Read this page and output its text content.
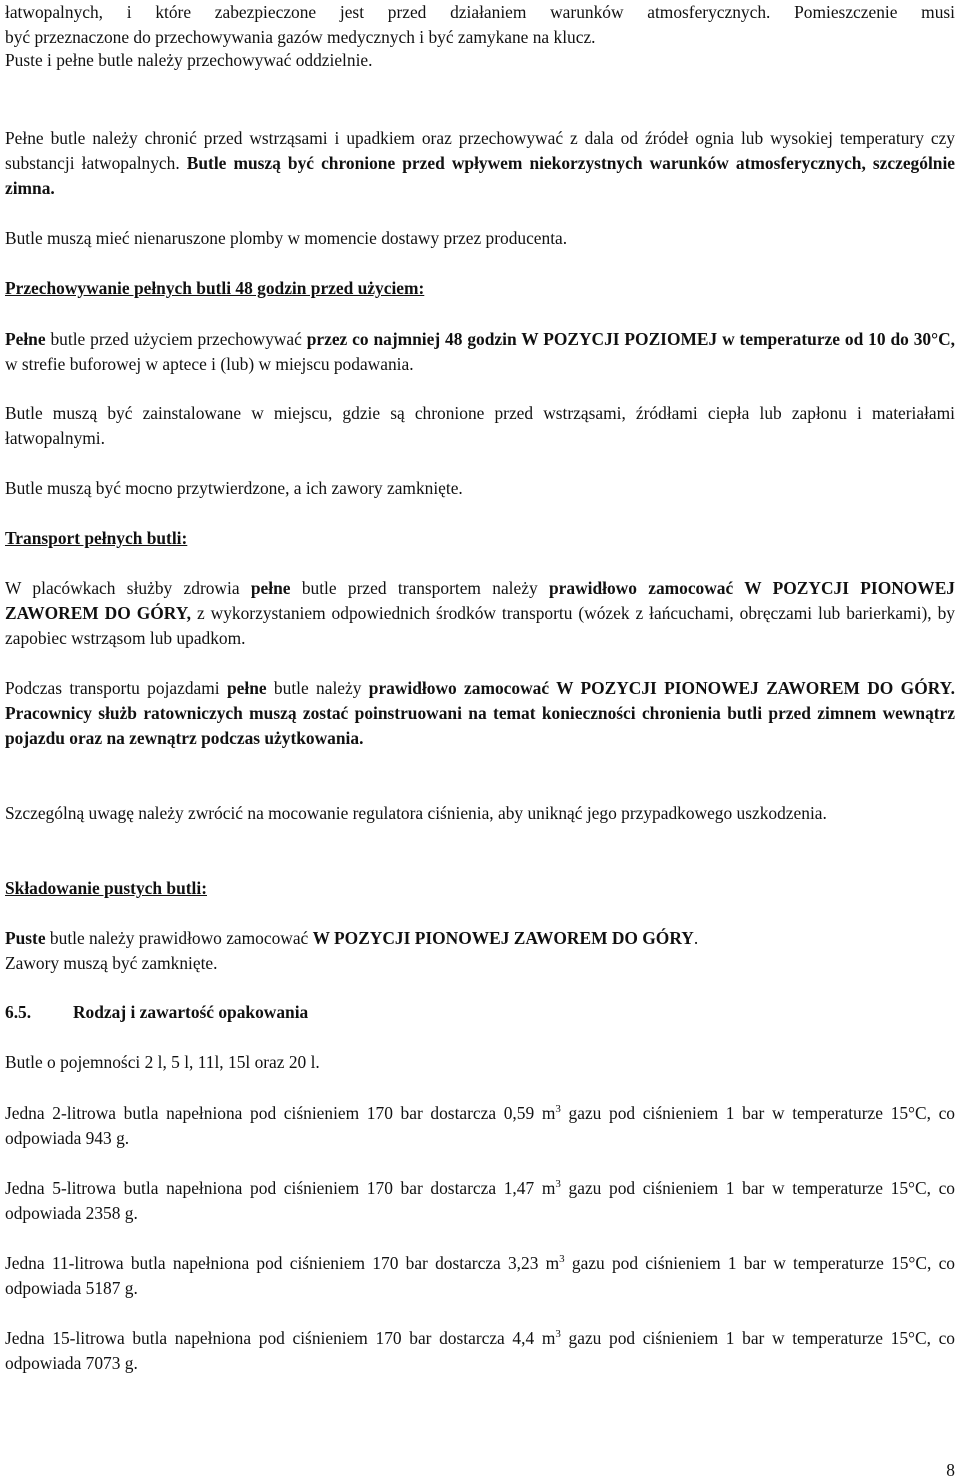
łatwopalnych, i które zabezpieczone jest przed działaniem warunków atmosferycznych. Pomieszczenie musi

być przeznaczone do przechowywania gazów medycznych i być zamykane na klucz.

Puste i pełne butle należy przechowywać oddzielnie.

Pełne butle należy chronić przed wstrząsami i upadkiem oraz przechowywać z dala od źródeł ognia lub wysokiej temperatury czy substancji łatwopalnych. Butle muszą być chronione przed wpływem niekorzystnych warunków atmosferycznych, szczególnie zimna.

Butle muszą mieć nienaruszone plomby w momencie dostawy przez producenta.

Przechowywanie pełnych butli 48 godzin przed użyciem:

Pełne butle przed użyciem przechowywać przez co najmniej 48 godzin W POZYCJI POZIOMEJ w temperaturze od 10 do 30°C, w strefie buforowej w aptece i (lub) w miejscu podawania.

Butle muszą być zainstalowane w miejscu, gdzie są chronione przed wstrząsami, źródłami ciepła lub zapłonu i materiałami łatwopalnymi.

Butle muszą być mocno przytwierdzone, a ich zawory zamknięte.

Transport pełnych butli:

W placówkach służby zdrowia pełne butle przed transportem należy prawidłowo zamocować W POZYCJI PIONOWEJ ZAWOREM DO GÓRY, z wykorzystaniem odpowiednich środków transportu (wózek z łańcuchami, obręczami lub barierkami), by zapobiec wstrząsom lub upadkom.

Podczas transportu pojazdami pełne butle należy prawidłowo zamocować W POZYCJI PIONOWEJ ZAWOREM DO GÓRY. Pracownicy służb ratowniczych muszą zostać poinstruowani na temat konieczności chronienia butli przed zimnem wewnątrz pojazdu oraz na zewnątrz podczas użytkowania.

Szczególną uwagę należy zwrócić na mocowanie regulatora ciśnienia, aby uniknąć jego przypadkowego uszkodzenia.

Składowanie pustych butli:

Puste butle należy prawidłowo zamocować W POZYCJI PIONOWEJ ZAWOREM DO GÓRY.

Zawory muszą być zamknięte.

6.5. Rodzaj i zawartość opakowania

Butle o pojemności 2 l, 5 l, 11l, 15l oraz 20 l.

Jedna 2-litrowa butla napełniona pod ciśnieniem 170 bar dostarcza 0,59 $m^3$ gazu pod ciśnieniem 1 bar w temperaturze 15°C, co odpowiada 943 g.

Jedna 5-litrowa butla napełniona pod ciśnieniem 170 bar dostarcza 1,47 $m^3$ gazu pod ciśnieniem 1 bar w temperaturze 15°C, co odpowiada 2358 g.

Jedna 11-litrowa butla napełniona pod ciśnieniem 170 bar dostarcza 3,23 $m^3$ gazu pod ciśnieniem 1 bar w temperaturze 15°C, co odpowiada 5187 g.

Jedna 15-litrowa butla napełniona pod ciśnieniem 170 bar dostarcza 4,4 $m^3$ gazu pod ciśnieniem 1 bar w temperaturze 15°C, co odpowiada 7073 g.

8
